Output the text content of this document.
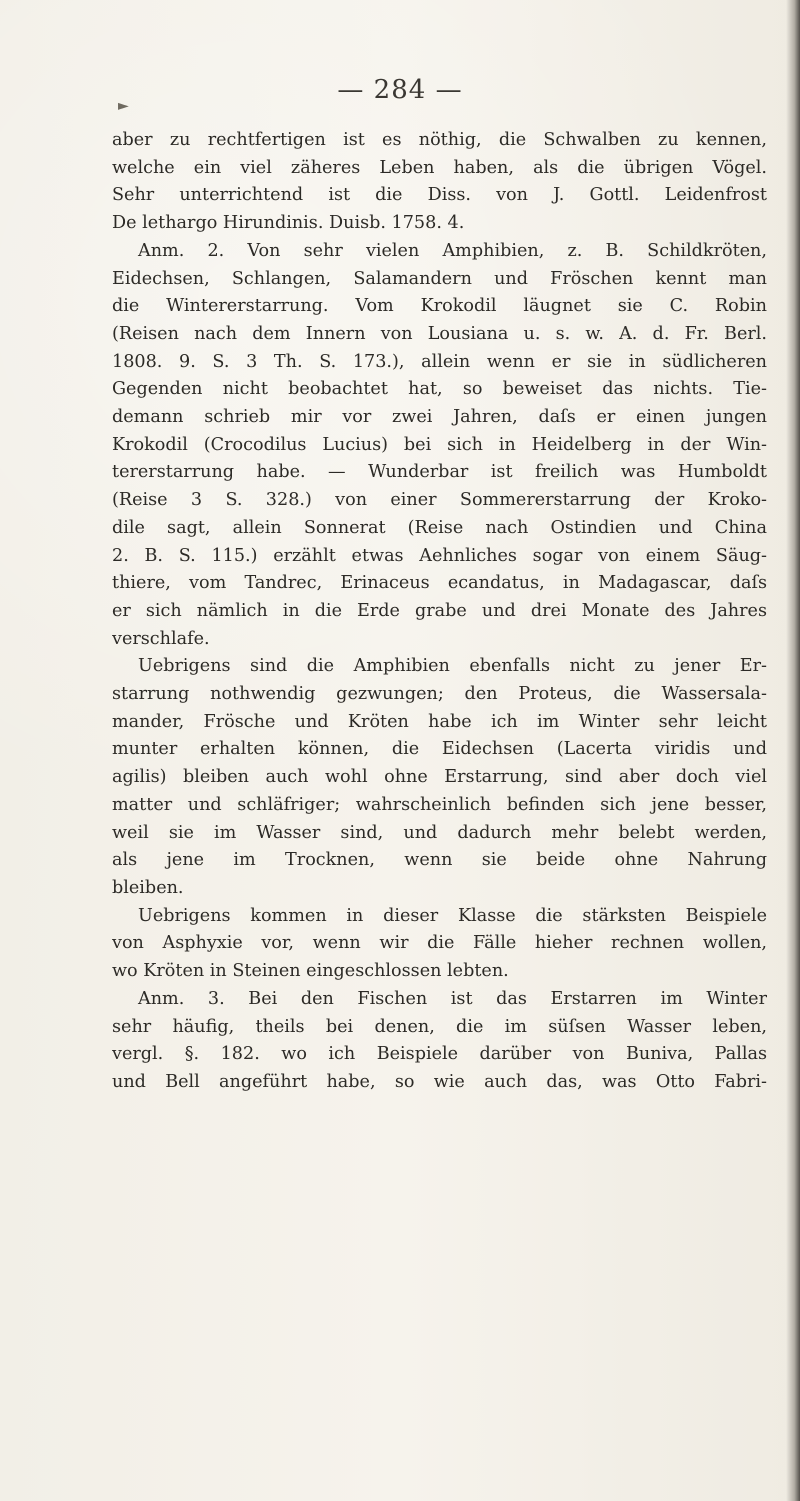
— 284 —
►

aber zu rechtfertigen ist es nöthig, die Schwalben zu kennen,
welche ein viel zäheres Leben haben, als die übrigen Vögel.
Sehr unterrichtend ist die Diss. von J. Gottl. Leidenfrost
De lethargo Hirundinis. Duisb. 1758. 4.

Anm. 2. Von sehr vielen Amphibien, z. B. Schildkröten,
Eidechsen, Schlangen, Salamandern und Fröschen kennt man
die Wintererstarrung. Vom Krokodil läugnet sie C. Robin
(Reisen nach dem Innern von Lousiana u. s. w. A. d. Fr. Berl.
1808. 9. S. 3 Th. S. 173.), allein wenn er sie in südlicheren
Gegenden nicht beobachtet hat, so beweiset das nichts. Tie-
demann schrieb mir vor zwei Jahren, daſs er einen jungen
Krokodil (Crocodilus Lucius) bei sich in Heidelberg in der Win-
tererstarrung habe. — Wunderbar ist freilich was Humboldt
(Reise 3 S. 328.) von einer Sommererstarrung der Kroko-
dile sagt, allein Sonnerat (Reise nach Ostindien und China
2. B. S. 115.) erzählt etwas Aehnliches sogar von einem Säug-
thiere, vom Tandrec, Erinaceus ecandatus, in Madagascar, daſs
er sich nämlich in die Erde grabe und drei Monate des Jahres
verschlafe.

Uebrigens sind die Amphibien ebenfalls nicht zu jener Er-
starrung nothwendig gezwungen; den Proteus, die Wassersala-
mander, Frösche und Kröten habe ich im Winter sehr leicht
munter erhalten können, die Eidechsen (Lacerta viridis und
agilis) bleiben auch wohl ohne Erstarrung, sind aber doch viel
matter und schläfriger; wahrscheinlich befinden sich jene besser,
weil sie im Wasser sind, und dadurch mehr belebt werden,
als jene im Trocknen, wenn sie beide ohne Nahrung
bleiben.

Uebrigens kommen in dieser Klasse die stärksten Beispiele
von Asphyxie vor, wenn wir die Fälle hieher rechnen wollen,
wo Kröten in Steinen eingeschlossen lebten.

Anm. 3. Bei den Fischen ist das Erstarren im Winter
sehr häufig, theils bei denen, die im süſsen Wasser leben,
vergl. §. 182. wo ich Beispiele darüber von Buniva, Pallas
und Bell angeführt habe, so wie auch das, was Otto Fabri-
